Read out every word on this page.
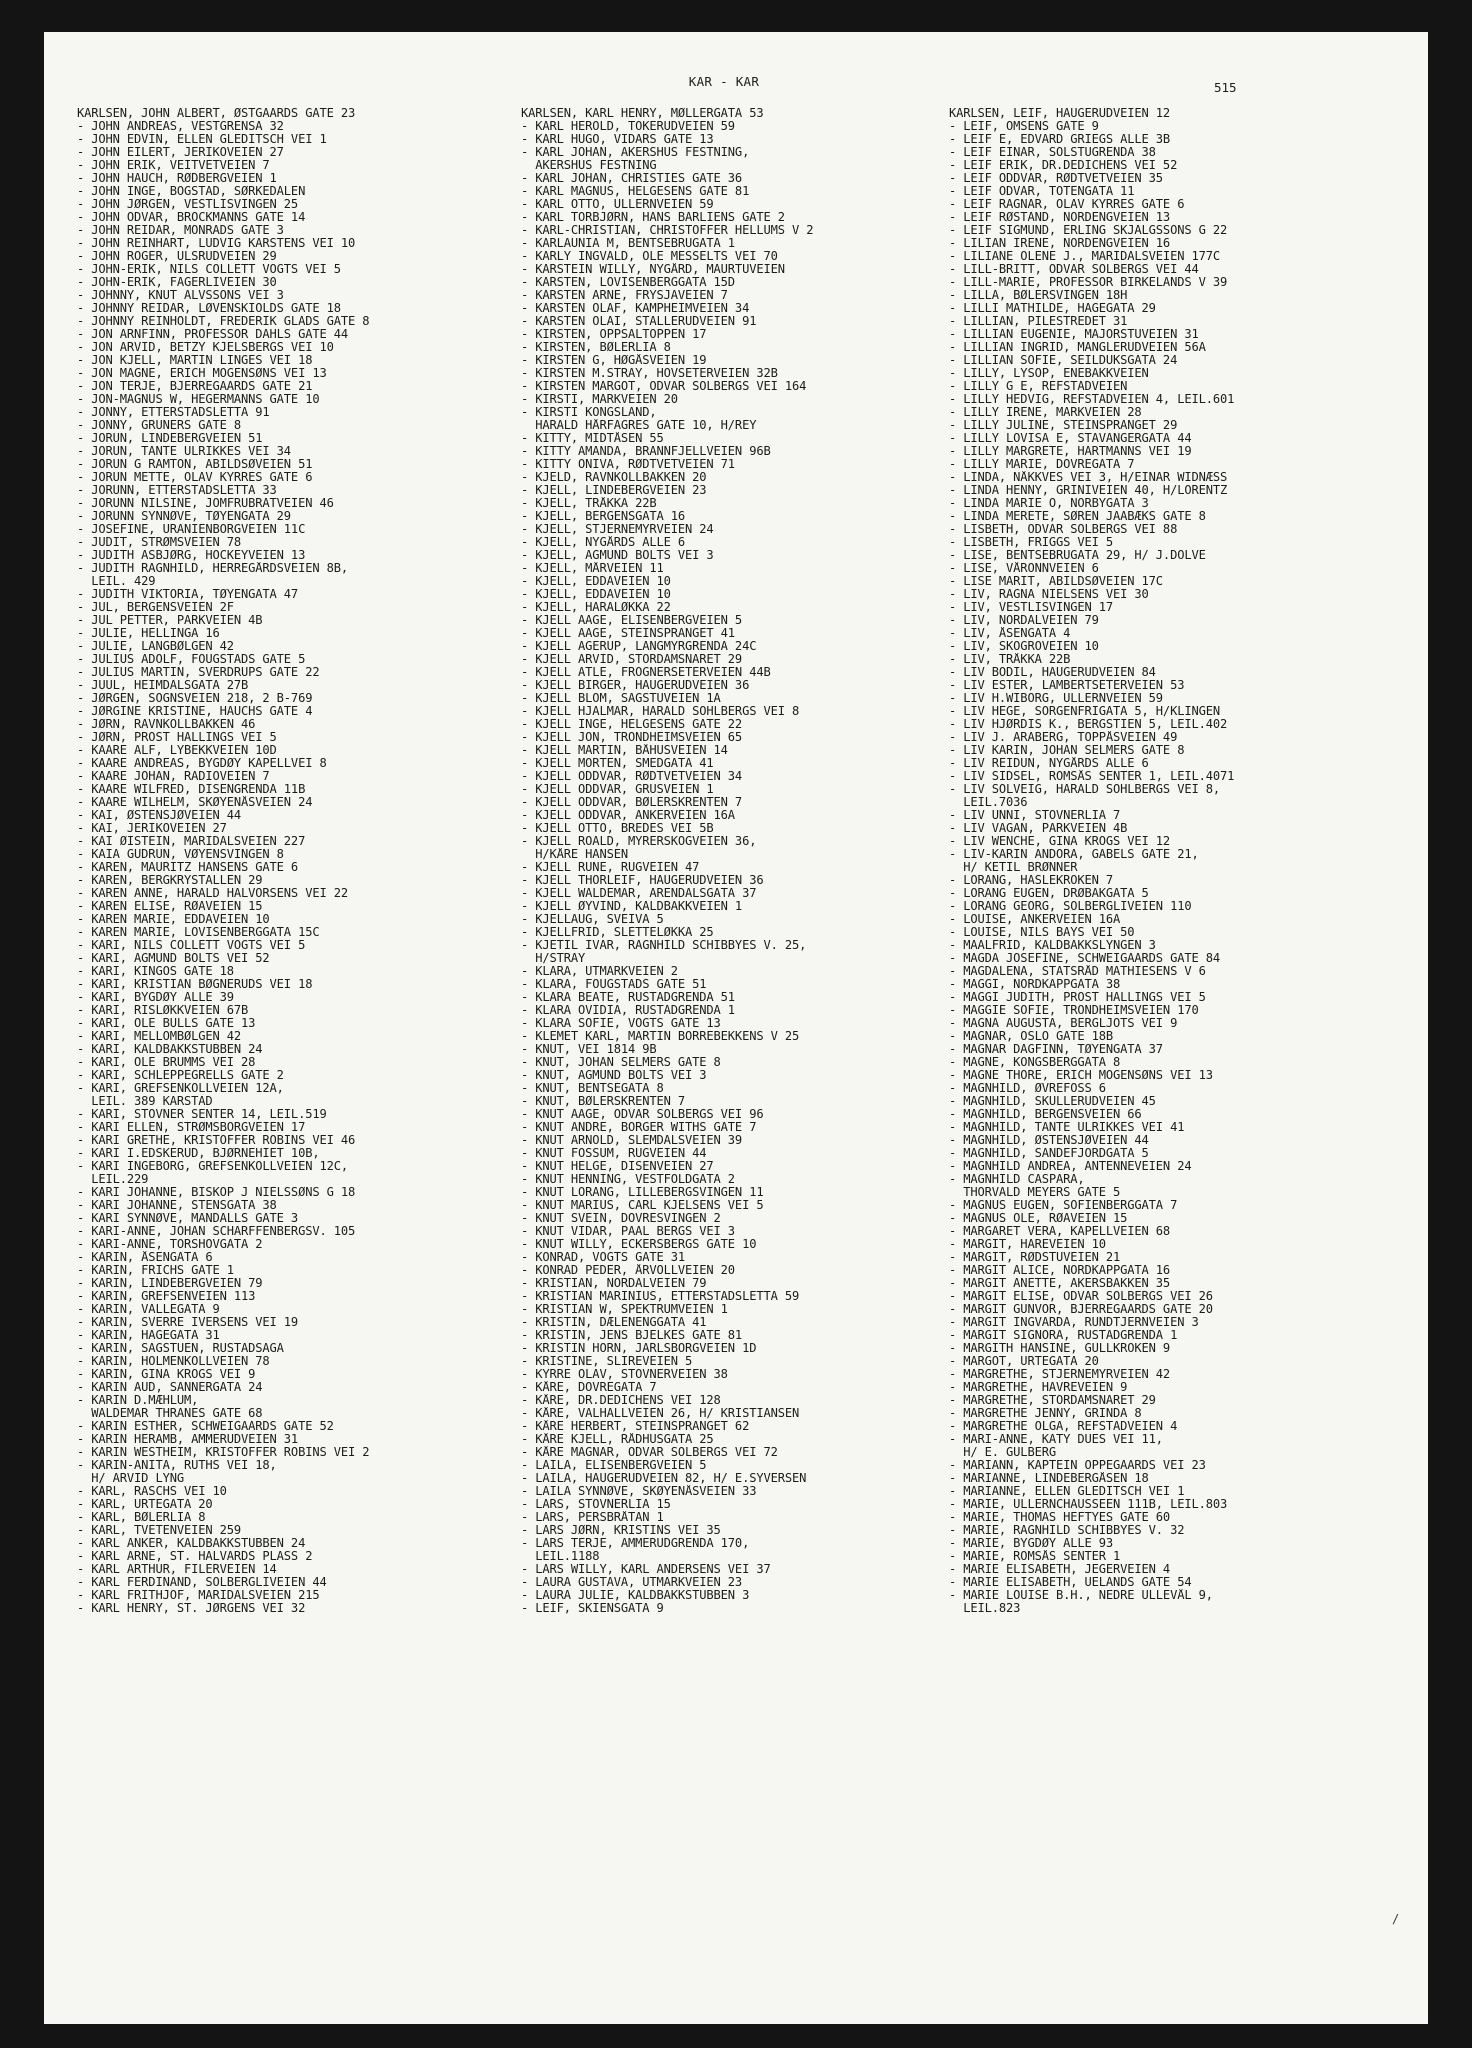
KAR - KAR	515
KARLSEN, JOHN ALBERT, ØSTGAARDS GATE 23
- JOHN ANDREAS, VESTGRENSA 32
- JOHN EDVIN, ELLEN GLEDITSCH VEI 1
- JOHN EILERT, JERIKOVEIEN 27
- JOHN ERIK, VEITVETVEIEN 7
- JOHN HAUCH, RØDBERGVEIEN 1
- JOHN INGE, BOGSTAD, SØRKEDALEN
- JOHN JØRGEN, VESTLISVINGEN 25
- JOHN ODVAR, BROCKMANNS GATE 14
- JOHN REIDAR, MONRADS GATE 3
- JOHN REINHART, LUDVIG KARSTENS VEI 10
- JOHN ROGER, ULSRUDVEIEN 29
- JOHN-ERIK, NILS COLLETT VOGTS VEI 5
- JOHN-ERIK, FAGERLIVEIEN 30
- JOHNNY, KNUT ALVSSONS VEI 3
- JOHNNY REIDAR, LØVENSKIOLDS GATE 18
- JOHNNY REINHOLDT, FREDERIK GLADS GATE 8
- JON ARNFINN, PROFESSOR DAHLS GATE 44
- JON ARVID, BETZY KJELSBERGS VEI 10
- JON KJELL, MARTIN LINGES VEI 18
- JON MAGNE, ERICH MOGENSØNS VEI 13
- JON TERJE, BJERREGAARDS GATE 21
- JON-MAGNUS W, HEGERMANNS GATE 10
- JONNY, ETTERSTADSLETTA 91
- JONNY, GRÜNERS GATE 8
- JORUN, LINDEBERGVEIEN 51
- JORUN, TANTE ULRIKKES VEI 34
- JORUN G RAMTON, ABILDSØVEIEN 51
- JORUN METTE, OLAV KYRRES GATE 6
- JORUNN, ETTERSTADSLETTA 33
- JORUNN NILSINE, JOMFRUBRATVEIEN 46
- JORUNN SYNNØVE, TØYENGATA 29
- JOSEFINE, URANIENBORGVEIEN 11C
- JUDIT, STRØMSVEIEN 78
- JUDITH ASBJØRG, HOCKEYVEIEN 13
- JUDITH RAGNHILD, HERREGÅRDSVEIEN 8B,
LEIL. 429
- JUDITH VIKTORIA, TØYENGATA 47
- JUL, BERGENSVEIEN 2F
- JUL PETTER, PARKVEIEN 4B
- JULIE, HELLINGA 16
- JULIE, LANGBØLGEN 42
- JULIUS ADOLF, FOUGSTADS GATE 5
- JULIUS MARTIN, SVERDRUPS GATE 22
- JUUL, HEIMDALSGATA 27B
- JØRGEN, SOGNSVEIEN 218, 2 B-769
- JØRGINE KRISTINE, HAUCHS GATE 4
- JØRN, RAVNKOLLBAKKEN 46
- JØRN, PROST HALLINGS VEI 5
- KAARE ALF, LYBEKKVEIEN 10D
- KAARE ANDREAS, BYGDØY KAPELLVEI 8
- KAARE JOHAN, RADIOVEIEN 7
- KAARE WILFRED, DISENGRENDA 11B
- KAARE WILHELM, SKØYENÅSVEIEN 24
- KAI, ØSTENSJØVEIEN 44
- KAI, JERIKOVEIEN 27
- KAI ØISTEIN, MARIDALSVEIEN 227
- KAIA GUDRUN, VØYENSVINGEN 8
- KAREN, MAURITZ HANSENS GATE 6
- KAREN, BERGKRYSTALLEN 29
- KAREN ANNE, HARALD HALVORSENS VEI 22
- KAREN ELISE, RØAVEIEN 15
- KAREN MARIE, EDDAVEIEN 10
- KAREN MARIE, LOVISENBERGGATA 15C
- KARI, NILS COLLETT VOGTS VEI 5
- KARI, AGMUND BOLTS VEI 52
- KARI, KINGOS GATE 18
- KARI, KRISTIAN BØGNERUDS VEI 18
- KARI, BYGDØY ALLE 39
- KARI, RISLØKKVEIEN 67B
- KARI, OLE BULLS GATE 13
- KARI, MELLOMBØLGEN 42
- KARI, KALDBAKKSTUBBEN 24
- KARI, OLE BRUMMS VEI 28
- KARI, SCHLEPPEGRELLS GATE 2
- KARI, GREFSENKOLLVEIEN 12A,
LEIL. 389 KARSTAD
- KARI, STOVNER SENTER 14, LEIL.519
- KARI ELLEN, STRØMSBORGVEIEN 17
- KARI GRETHE, KRISTOFFER ROBINS VEI 46
- KARI I.EDSKERUD, BJØRNEHIET 10B,
- KARI INGEBORG, GREFSENKOLLVEIEN 12C,
LEIL.229
- KARI JOHANNE, BISKOP J NIELSSØNS G 18
- KARI JOHANNE, STENSGATA 38
- KARI SYNNØVE, MANDALLS GATE 3
- KARI-ANNE, JOHAN SCHARFFENBERGSV. 105
- KARI-ANNE, TORSHOVGATA 2
- KARIN, ÅSENGATA 6
- KARIN, FRICHS GATE 1
- KARIN, LINDEBERGVEIEN 79
- KARIN, GREFSENVEIEN 113
- KARIN, VALLEGATA 9
- KARIN, SVERRE IVERSENS VEI 19
- KARIN, HAGEGATA 31
- KARIN, SAGSTUEN, RUSTADSAGA
- KARIN, HOLMENKOLLVEIEN 78
- KARIN, GINA KROGS VEI 9
- KARIN AUD, SANNERGATA 24
- KARIN D.MÆHLUM,
WALDEMAR THRANES GATE 68
- KARIN ESTHER, SCHWEIGAARDS GATE 52
- KARIN HERAMB, AMMERUDVEIEN 31
- KARIN WESTHEIM, KRISTOFFER ROBINS VEI 2
- KARIN-ANITA, RUTHS VEI 18,
H/ ARVID LYNG
- KARL, RASCHS VEI 10
- KARL, URTEGATA 20
- KARL, BØLERLIA 8
- KARL, TVETENVEIEN 259
- KARL ANKER, KALDBAKKSTUBBEN 24
- KARL ARNE, ST. HALVARDS PLASS 2
- KARL ARTHUR, FILERVEIEN 14
- KARL FERDINAND, SOLBERGLIVEIEN 44
- KARL FRITHJOF, MARIDALSVEIEN 215
- KARL HENRY, ST. JØRGENS VEI 32
KARLSEN, KARL HENRY, MØLLERGATA 53
- KARL HEROLD, TOKERUDVEIEN 59
- KARL HUGO, VIDARS GATE 13
- KARL JOHAN, AKERSHUS FESTNING,
AKERSHUS FESTNING
- KARL JOHAN, CHRISTIES GATE 36
- KARL MAGNUS, HELGESENS GATE 81
- KARL OTTO, ULLERNVEIEN 59
- KARL TORBJØRN, HANS BARLIENS GATE 2
- KARL-CHRISTIAN, CHRISTOFFER HELLUMS V 2
- KARLAUNIA M, BENTSEBRUGATA 1
- KARLY INGVALD, OLE MESSELTS VEI 70
- KARSTEIN WILLY, NYGÅRD, MAURTUVEIEN
- KARSTEN, LOVISENBERGGATA 15D
- KARSTEN ARNE, FRYSJAVEIEN 7
- KARSTEN OLAF, KAMPHEIMVEIEN 34
- KARSTEN OLAI, STALLERUDVEIEN 91
- KIRSTEN, OPPSALTOPPEN 17
- KIRSTEN, BØLERLIA 8
- KIRSTEN G, HØGÅSVEIEN 19
- KIRSTEN M.STRAY, HOVSETERVEIEN 32B
- KIRSTEN MARGOT, ODVAR SOLBERGS VEI 164
- KIRSTI, MARKVEIEN 20
- KIRSTI KONGSLAND,
HARALD HÅRFAGRES GATE 10, H/REY
- KITTY, MIDTÅSEN 55
- KITTY AMANDA, BRANNFJELLVEIEN 96B
- KITTY ONIVA, RØDTVETVEIEN 71
- KJELD, RAVNKOLLBAKKEN 20
- KJELL, LINDEBERGVEIEN 23
- KJELL, TRÅKKA 22B
- KJELL, BERGENSGATA 16
- KJELL, STJERNEMYRVEIEN 24
- KJELL, NYGÅRDS ALLE 6
- KJELL, AGMUND BOLTS VEI 3
- KJELL, MÅRVEIEN 11
- KJELL, EDDAVEIEN 10
- KJELL, EDDAVEIEN 10
- KJELL, HARALØKKA 22
- KJELL AAGE, ELISENBERGVEIEN 5
- KJELL AAGE, STEINSPRANGET 41
- KJELL AGERUP, LANGMYRGRENDA 24C
- KJELL ARVID, STORDAMSNARET 29
- KJELL ATLE, FROGNERSETERVEIEN 44B
- KJELL BIRGER, HAUGERUDVEIEN 36
- KJELL BLOM, SAGSTUVEIEN 1A
- KJELL HJALMAR, HARALD SOHLBERGS VEI 8
- KJELL INGE, HELGESENS GATE 22
- KJELL JON, TRONDHEIMSVEIEN 65
- KJELL MARTIN, BÅHUSVEIEN 14
- KJELL MORTEN, SMEDGATA 41
- KJELL ODDVAR, RØDTVETVEIEN 34
- KJELL ODDVAR, GRUSVEIEN 1
- KJELL ODDVAR, BØLERSKRENTEN 7
- KJELL ODDVAR, ANKERVEIEN 16A
- KJELL OTTO, BREDES VEI 5B
- KJELL ROALD, MYRERSKOGVEIEN 36,
H/KÅRE HANSEN
- KJELL RUNE, RUGVEIEN 47
- KJELL THORLEIF, HAUGERUDVEIEN 36
- KJELL WALDEMAR, ARENDALSGATA 37
- KJELL ØYVIND, KALDBAKKVEIEN 1
- KJELLAUG, SVEIVA 5
- KJELLFRID, SLETTELØKKA 25
- KJETIL IVAR, RAGNHILD SCHIBBYES V. 25,
H/STRAY
- KLARA, UTMARKVEIEN 2
- KLARA, FOUGSTADS GATE 51
- KLARA BEATE, RUSTADGRENDA 51
- KLARA OVIDIA, RUSTADGRENDA 1
- KLARA SOFIE, VOGTS GATE 13
- KLEMET KARL, MARTIN BORREBEKKENS V 25
- KNUT, VEI 1814 9B
- KNUT, JOHAN SELMERS GATE 8
- KNUT, AGMUND BOLTS VEI 3
- KNUT, BENTSEGATA 8
- KNUT, BØLERSKRENTEN 7
- KNUT AAGE, ODVAR SOLBERGS VEI 96
- KNUT ANDRE, BORGER WITHS GATE 7
- KNUT ARNOLD, SLEMDALSVEIEN 39
- KNUT FOSSUM, RUGVEIEN 44
- KNUT HELGE, DISENVEIEN 27
- KNUT HENNING, VESTFOLDGATA 2
- KNUT LORANG, LILLEBERGSVINGEN 11
- KNUT MARIUS, CARL KJELSENS VEI 5
- KNUT SVEIN, DOVRESVINGEN 2
- KNUT VIDAR, PAAL BERGS VEI 3
- KNUT WILLY, ECKERSBERGS GATE 10
- KONRAD, VOGTS GATE 31
- KONRAD PEDER, ÅRVOLLVEIEN 20
- KRISTIAN, NORDALVEIEN 79
- KRISTIAN MARINIUS, ETTERSTADSLETTA 59
- KRISTIAN W, SPEKTRUMVEIEN 1
- KRISTIN, DÆLENENGGATA 41
- KRISTIN, JENS BJELKES GATE 81
- KRISTIN HORN, JARLSBORGVEIEN 1D
- KRISTINE, SLIREVEIEN 5
- KYRRE OLAV, STOVNERVEIEN 38
- KÅRE, DOVREGATA 7
- KÅRE, DR.DEDICHENS VEI 128
- KÅRE, VALHALLVEIEN 26, H/ KRISTIANSEN
- KÅRE HERBERT, STEINSPRANGET 62
- KÅRE KJELL, RÅDHUSGATA 25
- KÅRE MAGNAR, ODVAR SOLBERGS VEI 72
- LAILA, ELISENBERGVEIEN 5
- LAILA, HAUGERUDVEIEN 82, H/ E.SYVERSEN
- LAILA SYNNØVE, SKØYENÅSVEIEN 33
- LARS, STOVNERLIA 15
- LARS, PERSBRÅTAN 1
- LARS JØRN, KRISTINS VEI 35
- LARS TERJE, AMMERUDGRENDA 170,
LEIL.1188
- LARS WILLY, KARL ANDERSENS VEI 37
- LAURA GUSTAVA, UTMARKVEIEN 23
- LAURA JULIE, KALDBAKKSTUBBEN 3
- LEIF, SKIENSGATA 9
KARLSEN, LEIF, HAUGERUDVEIEN 12
- LEIF, OMSENS GATE 9
- LEIF E, EDVARD GRIEGS ALLE 3B
- LEIF EINAR, SOLSTUGRENDA 38
- LEIF ERIK, DR.DEDICHENS VEI 52
- LEIF ODDVAR, RØDTVETVEIEN 35
- LEIF ODVAR, TOTENGATA 11
- LEIF RAGNAR, OLAV KYRRES GATE 6
- LEIF RØSTAND, NORDENGVEIEN 13
- LEIF SIGMUND, ERLING SKJALGSSONS G 22
- LILIAN IRENE, NORDENGVEIEN 16
- LILIANE OLENE J., MARIDALSVEIEN 177C
- LILL-BRITT, ODVAR SOLBERGS VEI 44
- LILL-MARIE, PROFESSOR BIRKELANDS V 39
- LILLA, BØLERSVINGEN 18H
- LILLI MATHILDE, HAGEGATA 29
- LILLIAN, PILESTREDET 31
- LILLIAN EUGENIE, MAJORSTUVEIEN 31
- LILLIAN INGRID, MANGLERUDVEIEN 56A
- LILLIAN SOFIE, SEILDUKSGATA 24
- LILLY, LYSOP, ENEBAKKVEIEN
- LILLY G E, REFSTADVEIEN
- LILLY HEDVIG, REFSTADVEIEN 4, LEIL.601
- LILLY IRENE, MARKVEIEN 28
- LILLY JULINE, STEINSPRANGET 29
- LILLY LOVISA E, STAVANGERGATA 44
- LILLY MARGRETE, HARTMANNS VEI 19
- LILLY MARIE, DOVREGATA 7
- LINDA, NÅKKVES VEI 3, H/EINAR WIDNÆSS
- LINDA HENNY, GRINIVEIEN 40, H/LORENTZ
- LINDA MARIE O, NORBYGATA 3
- LINDA MERETE, SØREN JAABÆKS GATE 8
- LISBETH, ODVAR SOLBERGS VEI 88
- LISBETH, FRIGGS VEI 5
- LISE, BENTSEBRUGATA 29, H/ J.DOLVE
- LISE, VÅRONNVEIEN 6
- LISE MARIT, ABILDSØVEIEN 17C
- LIV, RAGNA NIELSENS VEI 30
- LIV, VESTLISVINGEN 17
- LIV, NORDALVEIEN 79
- LIV, ÅSENGATA 4
- LIV, SKOGROVEIEN 10
- LIV, TRÅKKA 22B
- LIV BODIL, HAUGERUDVEIEN 84
- LIV ESTER, LAMBERTSETERVEIEN 53
- LIV H.WIBORG, ULLERNVEIEN 59
- LIV HEGE, SORGENFRIGATA 5, H/KLINGEN
- LIV HJØRDIS K., BERGSTIEN 5, LEIL.402
- LIV J. ARABERG, TOPPÅSVEIEN 49
- LIV KARIN, JOHAN SELMERS GATE 8
- LIV REIDUN, NYGÅRDS ALLE 6
- LIV SIDSEL, ROMSÅS SENTER 1, LEIL.4071
- LIV SOLVEIG, HARALD SOHLBERGS VEI 8,
LEIL.7036
- LIV UNNI, STOVNERLIA 7
- LIV VAGAN, PARKVEIEN 4B
- LIV WENCHE, GINA KROGS VEI 12
- LIV-KARIN ANDORA, GABELS GATE 21,
H/ KETIL BRØNNER
- LORANG, HASLEKROKEN 7
- LORANG EUGEN, DRØBAKGATA 5
- LORANG GEORG, SOLBERGLIVEIEN 110
- LOUISE, ANKERVEIEN 16A
- LOUISE, NILS BAYS VEI 50
- MAALFRID, KALDBAKKSLYNGEN 3
- MAGDA JOSEFINE, SCHWEIGAARDS GATE 84
- MAGDALENA, STATSRÅD MATHIESENS V 6
- MAGGI, NORDKAPPGATA 38
- MAGGI JUDITH, PROST HALLINGS VEI 5
- MAGGIE SOFIE, TRONDHEIMSVEIEN 170
- MAGNA AUGUSTA, BERGLJOTS VEI 9
- MAGNAR, OSLO GATE 18B
- MAGNAR DAGFINN, TØYENGATA 37
- MAGNE, KONGSBERGGATA 8
- MAGNE THORE, ERICH MOGENSØNS VEI 13
- MAGNHILD, ØVREFOSS 6
- MAGNHILD, SKULLERUDVEIEN 45
- MAGNHILD, BERGENSVEIEN 66
- MAGNHILD, TANTE ULRIKKES VEI 41
- MAGNHILD, ØSTENSJØVEIEN 44
- MAGNHILD, SANDEFJORDGATA 5
- MAGNHILD ANDREA, ANTENNEVEIEN 24
- MAGNHILD CASPARA,
THORVALD MEYERS GATE 5
- MAGNUS EUGEN, SOFIENBERGGATA 7
- MAGNUS OLE, RØAVEIEN 15
- MARGARET VERA, KAPELLVEIEN 68
- MARGIT, HAREVEIEN 10
- MARGIT, RØDSTUVEIEN 21
- MARGIT ALICE, NORDKAPPGATA 16
- MARGIT ANETTE, AKERSBAKKEN 35
- MARGIT ELISE, ODVAR SOLBERGS VEI 26
- MARGIT GUNVOR, BJERREGAARDS GATE 20
- MARGIT INGVARDA, RUNDTJERNVEIEN 3
- MARGIT SIGNORA, RUSTADGRENDA 1
- MARGITH HANSINE, GULLKROKEN 9
- MARGOT, URTEGATA 20
- MARGRETHE, STJERNEMYRVEIEN 42
- MARGRETHE, HAVREVEIEN 9
- MARGRETHE, STORDAMSNARET 29
- MARGRETHE JENNY, GRINDA 8
- MARGRETHE OLGA, REFSTADVEIEN 4
- MARI-ANNE, KATY DUES VEI 11,
H/ E. GULBERG
- MARIANN, KAPTEIN OPPEGAARDS VEI 23
- MARIANNE, LINDEBERGÅSEN 18
- MARIANNE, ELLEN GLEDITSCH VEI 1
- MARIE, ULLERNCHAUSSEEN 111B, LEIL.803
- MARIE, THOMAS HEFTYES GATE 60
- MARIE, RAGNHILD SCHIBBYES V. 32
- MARIE, BYGDØY ALLE 93
- MARIE, ROMSÅS SENTER 1
- MARIE ELISABETH, JEGERVEIEN 4
- MARIE ELISABETH, UELANDS GATE 54
- MARIE LOUISE B.H., NEDRE ULLEVÅL 9,
LEIL.823
/
